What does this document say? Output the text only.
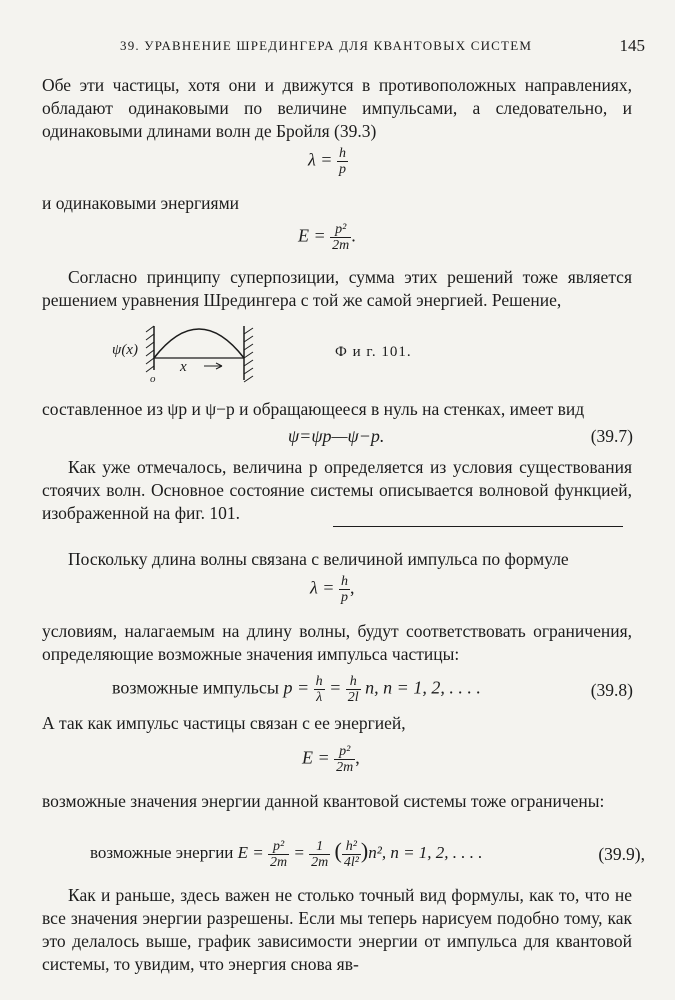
39. УРАВНЕНИЕ ШРЕДИНГЕРА ДЛЯ КВАНТОВЫХ СИСТЕМ	145

Обе эти частицы, хотя они и движутся в противоположных направлениях, обладают одинаковыми по величине импульсами, а следовательно, и одинаковыми длинами волн де Бройля (39.3)

$\lambda = \frac{h}{p}$

и одинаковыми энергиями

$E = \frac{\text{p²}}{2m}$ .

Согласно принципу суперпозиции, сумма этих решений тоже является решением уравнения Шредингера с той же самой энергией. Решение,

ψ(x)
x
o
Ф и г. 101.

составленное из ψp и ψ−p и обращающееся в нуль на стенках, имеет вид

ψ=ψp—ψ−p.	(39.7)

Как уже отмечалось, величина p определяется из условия существования стоячих волн. Основное состояние системы описывается волновой функцией, изображенной на фиг. 101.

Поскольку длина волны связана с величиной импульса по формуле

$\lambda = \frac{h}{p}$ ,

условиям, налагаемым на длину волны, будут соответствовать ограничения, определяющие возможные значения импульса частицы:

возможные импульсы $p = \frac{h}{\lambda} = \frac{h}{2l} n$, n = 1, 2, . . . .	(39.8)

А так как импульс частицы связан с ее энергией,

$E = \frac{\text{p²}}{2m}$ ,

возможные значения энергии данной квантовой системы тоже ограничены:

возможные энергии $E = \frac{\text{p²}}{2m} = \frac{1}{2m}$ ( $\frac{\text{h²}}{\text{4l²}} )n^2$, n = 1, 2, . . . .	(39.9),

Как и раньше, здесь важен не столько точный вид формулы, как то, что не все значения энергии разрешены. Если мы теперь нарисуем подобно тому, как это делалось выше, график зависимости энергии от импульса для квантовой системы, то увидим, что энергия снова яв-
